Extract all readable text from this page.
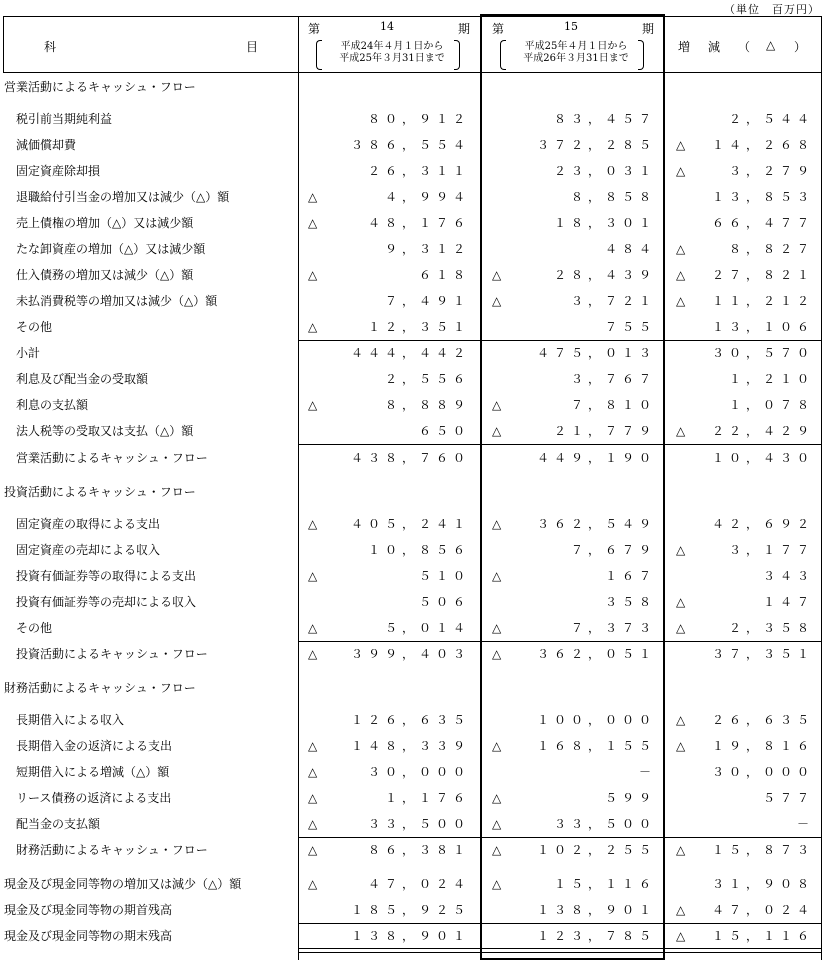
（単位　百万円）
科	目
第	14	期
平成24年４月１日から
平成25年３月31日まで
第	15	期
平成25年４月１日から
平成26年３月31日まで
増 減 （ △ ）
営業活動によるキャッシュ・フロー
税引前当期純利益	８０，９１２	８３，４５７	２，５４４
減価償却費	３８６，５５４	３７２，２８５ △ １４，２６８
固定資産除却損	２６，３１１	２３，０３１ △	３，２７９
退職給付引当金の増加又は減少（△）額	△	４，９９４	８，８５８	１３，８５３
売上債権の増加（△）又は減少額	△	４８，１７６	１８，３０１	６６，４７７
たな卸資産の増加（△）又は減少額	９，３１２	４８４ △	８，８２７
仕入債務の増加又は減少（△）額	△	６１８ △	２８，４３９ △ ２７，８２１
未払消費税等の増加又は減少（△）額	７，４９１ △	３，７２１ △ １１，２１２
その他	△	１２，３５１	７５５	１３，１０６
小計	４４４，４４２	４７５，０１３	３０，５７０
利息及び配当金の受取額	２，５５６	３，７６７	１，２１０
利息の支払額	△	８，８８９ △	７，８１０	１，０７８
法人税等の受取又は支払（△）額	６５０ △	２１，７７９ △ ２２，４２９
営業活動によるキャッシュ・フロー	４３８，７６０	４４９，１９０	１０，４３０
投資活動によるキャッシュ・フロー
固定資産の取得による支出	△	４０５，２４１ △	３６２，５４９	４２，６９２
固定資産の売却による収入	１０，８５６	７，６７９ △	３，１７７
投資有価証券等の取得による支出	△	５１０ △	１６７	３４３
投資有価証券等の売却による収入	５０６	３５８ △	１４７
その他	△	５，０１４ △	７，３７３ △	２，３５８
投資活動によるキャッシュ・フロー	△	３９９，４０３ △	３６２，０５１	３７，３５１
財務活動によるキャッシュ・フロー
長期借入による収入	１２６，６３５	１００，０００ △ ２６，６３５
長期借入金の返済による支出	△	１４８，３３９ △	１６８，１５５ △ １９，８１６
短期借入による増減（△）額	△	３０，０００	－	３０，０００
リース債務の返済による支出	△	１，１７６ △	５９９	５７７
配当金の支払額	△	３３，５００ △	３３，５００	－
財務活動によるキャッシュ・フロー	△	８６，３８１ △	１０２，２５５ △ １５，８７３
現金及び現金同等物の増加又は減少（△）額	△	４７，０２４ △	１５，１１６	３１，９０８
現金及び現金同等物の期首残高	１８５，９２５	１３８，９０１ △ ４７，０２４
現金及び現金同等物の期末残高	１３８，９０１	１２３，７８５ △ １５，１１６
